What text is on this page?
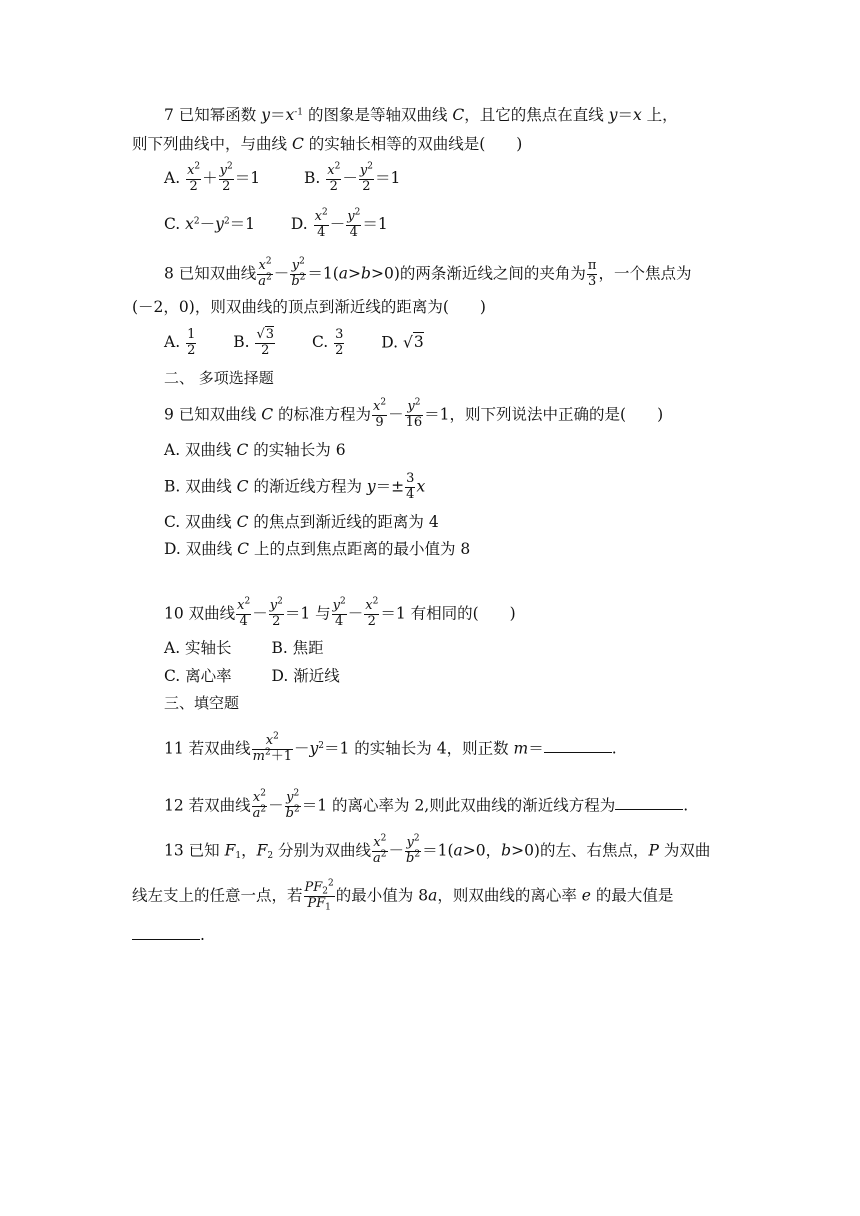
7 已知幂函数 $y=x^{-1}$ 的图象是等轴双曲线 C，且它的焦点在直线 y＝x 上，
则下列曲线中，与曲线 C 的实轴长相等的双曲线是(　　)
A. $\frac{x^2}{2} + \frac{y^2}{2} =1$	B. $\frac{x^2}{2} - \frac{y^2}{2} =1$
C. $x^2-y^2=1$ D. $\frac{x^2}{4} - \frac{y^2}{4} =1$
8 已知双曲线 $\frac{x^2}{a^2} - \frac{y^2}{b^2} =1(a>b>0)$的两条渐近线之间的夹角为 $\frac{\pi}{3}$ ，一个焦点为
(－2，0)，则双曲线的顶点到渐近线的距离为(　　)
A. $\frac{1}{2} B$. $\frac{√3}{2} C$. $\frac{3}{2} D$. √3
二、 多项选择题
9 已知双曲线 C 的标准方程为 $\frac{x^2}{9} - \frac{y^2}{16} =1$，则下列说法中正确的是(　　)
A. 双曲线 C 的实轴长为 6
B. 双曲线 C 的渐近线方程为 $y=\pm \frac{3}{4}$ x
C. 双曲线 C 的焦点到渐近线的距离为 4
D. 双曲线 C 上的点到焦点距离的最小值为 8
10 双曲线 $\frac{x^2}{4} - \frac{y^2}{2} =1$ 与 $\frac{y^2}{4} - \frac{x^2}{2} =1$ 有相同的(　　)
A. 实轴长	B. 焦距
C. 离心率	D. 渐近线
三、填空题
11 若双曲线 $\frac{x^2}{m^2+1} -y^2=1$ 的实轴长为 4，则正数 m＝	.
12 若双曲线 $\frac{x^2}{a^2} - \frac{y^2}{b^2} =1$ 的离心率为 2,则此双曲线的渐近线方程为	.
13 已知 $F_1$，$F_2$ 分别为双曲线 $\frac{x^2}{a^2} - \frac{y^2}{b^2} =1(a>0$，b>0)的左、右焦点，P 为双曲
线左支上的任意一点，若 $\frac{PF_2^2}{PF_1}$ 的最小值为 8a，则双曲线的离心率 e 的最大值是
.
